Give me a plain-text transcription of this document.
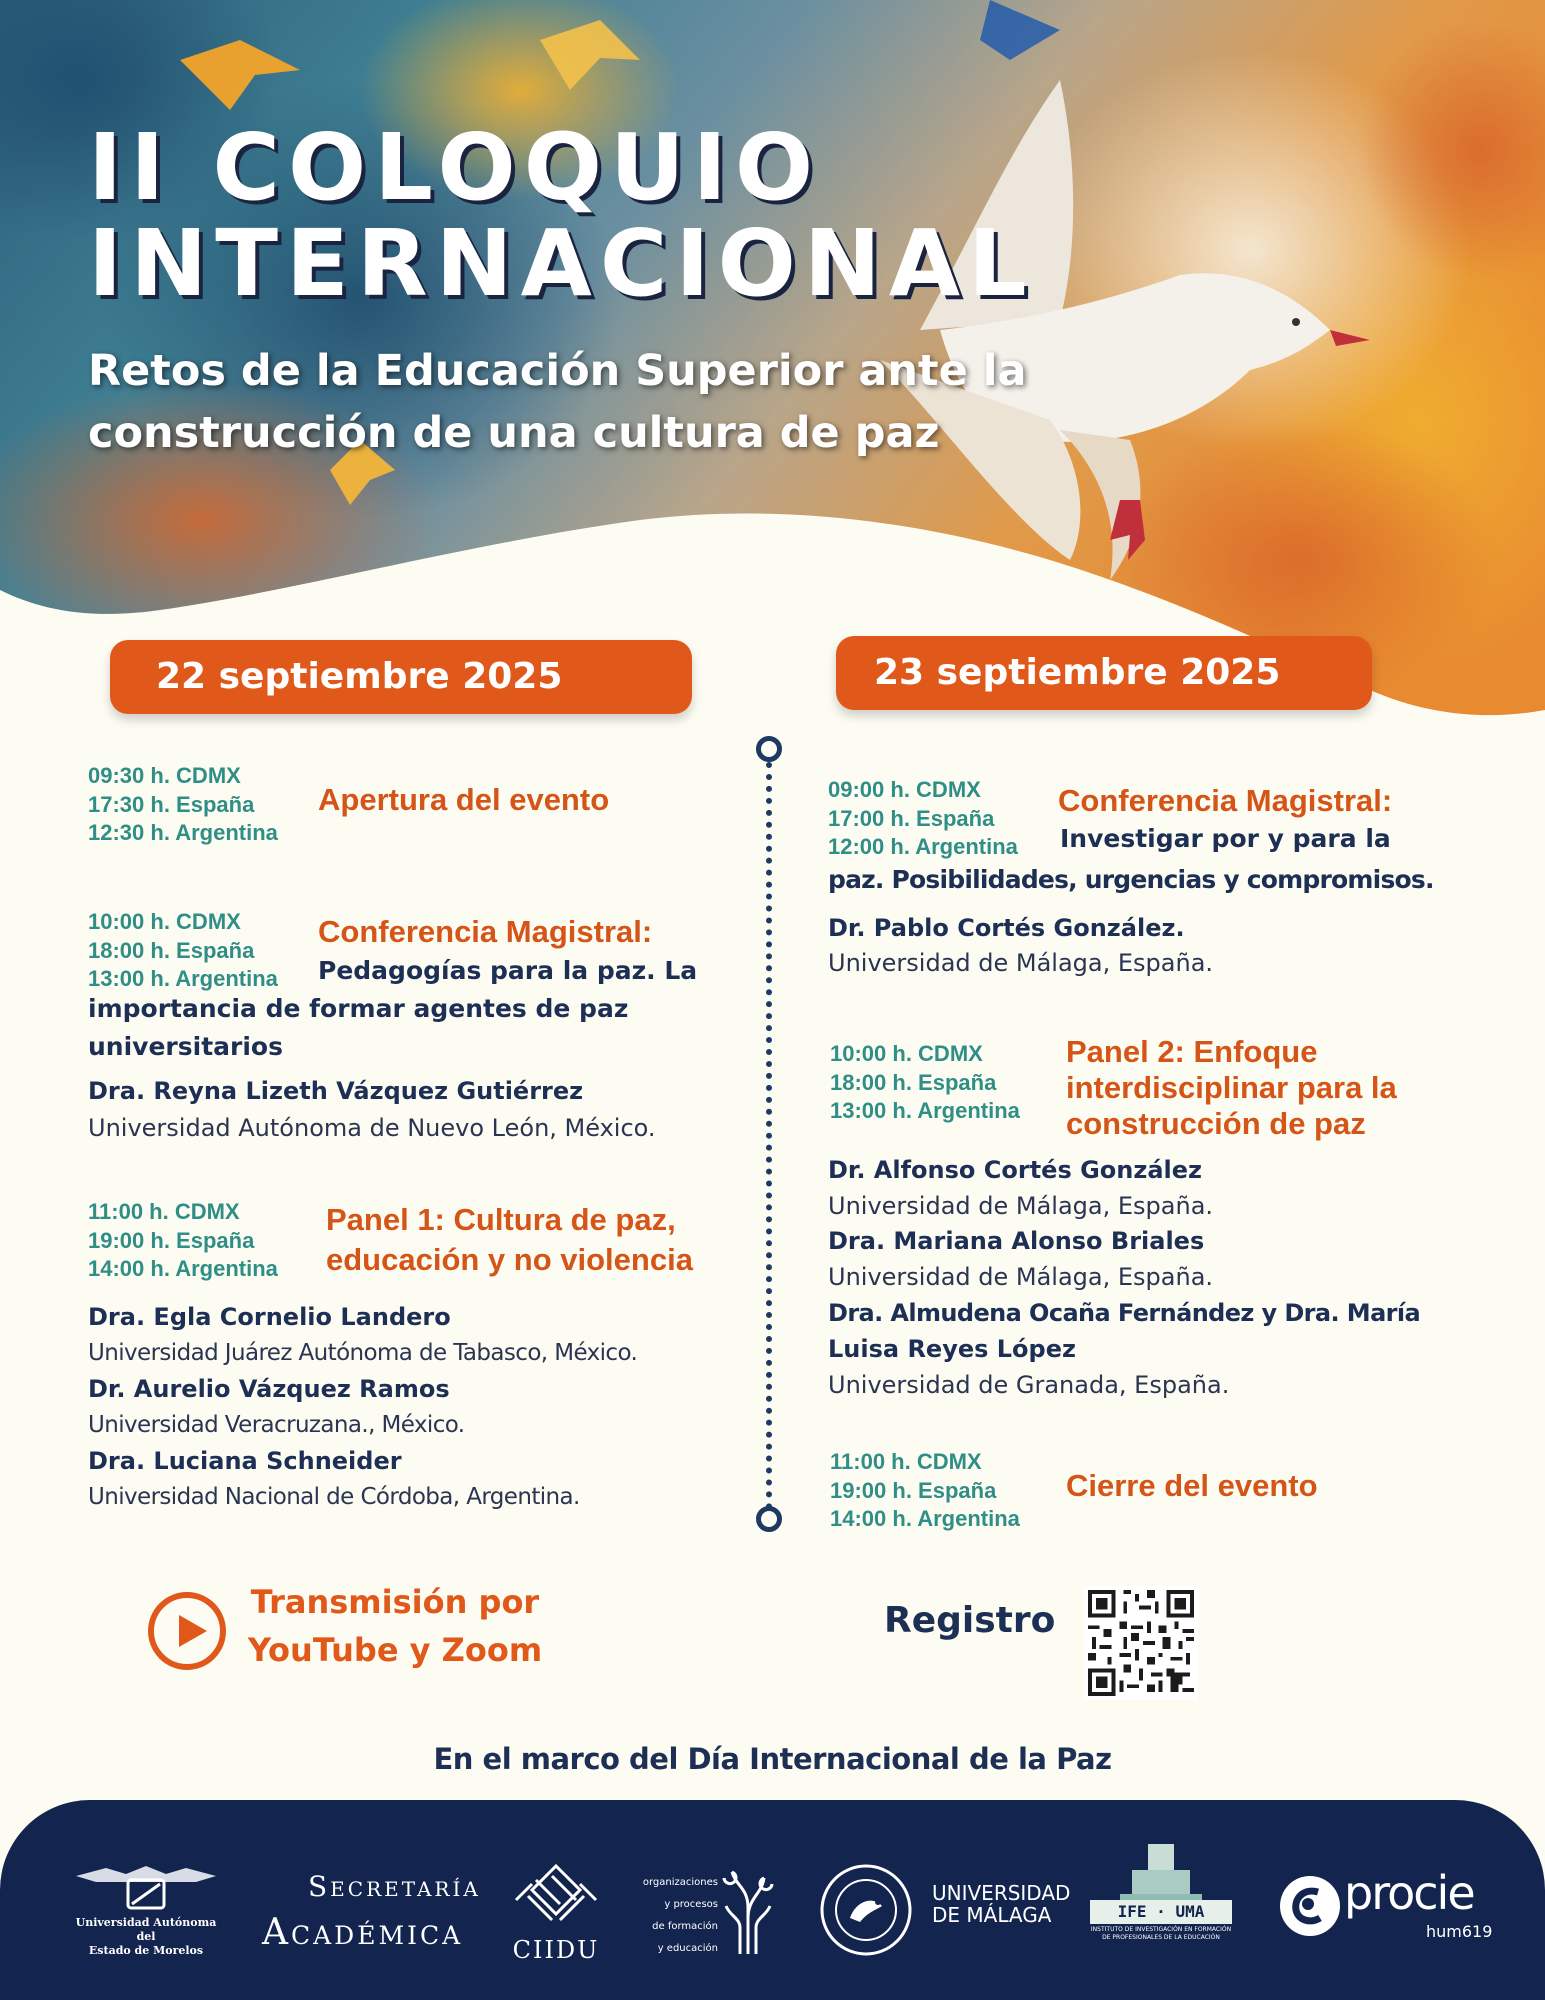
II COLOQUIO
INTERNACIONAL
Retos de la Educación Superior ante la
construcción de una cultura de paz
22 septiembre 2025	23 septiembre 2025
09:30 h. CDMX
17:30 h. España
12:30 h. Argentina
Apertura del evento
10:00 h. CDMX
18:00 h. España
13:00 h. Argentina
Conferencia Magistral:
Pedagogías para la paz. La
importancia de formar agentes de paz
universitarios
Dra. Reyna Lizeth Vázquez Gutiérrez
Universidad Autónoma de Nuevo León, México.
11:00 h. CDMX
19:00 h. España
14:00 h. Argentina
Panel 1: Cultura de paz,
educación y no violencia
Dra. Egla Cornelio Landero
Universidad Juárez Autónoma de Tabasco, México.
Dr. Aurelio Vázquez Ramos
Universidad Veracruzana., México.
Dra. Luciana Schneider
Universidad Nacional de Córdoba, Argentina.
09:00 h. CDMX
17:00 h. España
12:00 h. Argentina
Conferencia Magistral:
Investigar por y para la
paz. Posibilidades, urgencias y compromisos.
Dr. Pablo Cortés González.
Universidad de Málaga, España.
10:00 h. CDMX
18:00 h. España
13:00 h. Argentina
Panel 2: Enfoque
interdisciplinar para la
construcción de paz
Dr. Alfonso Cortés González
Universidad de Málaga, España.
Dra. Mariana Alonso Briales
Universidad de Málaga, España.
Dra. Almudena Ocaña Fernández y Dra. María
Luisa Reyes López
Universidad de Granada, España.
11:00 h. CDMX
19:00 h. España
14:00 h. Argentina
Cierre del evento
Transmisión por
YouTube y Zoom
Registro
En el marco del Día Internacional de la Paz
Universidad Autónoma del
Estado de Morelos
Secretaría
Académica	CIIDU
organizaciones
y procesos
de formación
y educación
UNIVERSIDAD
DE MÁLAGA	IFE · UMA
INSTITUTO DE INVESTIGACIÓN EN FORMACIÓN DE PROFESIONALES DE LA EDUCACIÓN
procie
hum619
